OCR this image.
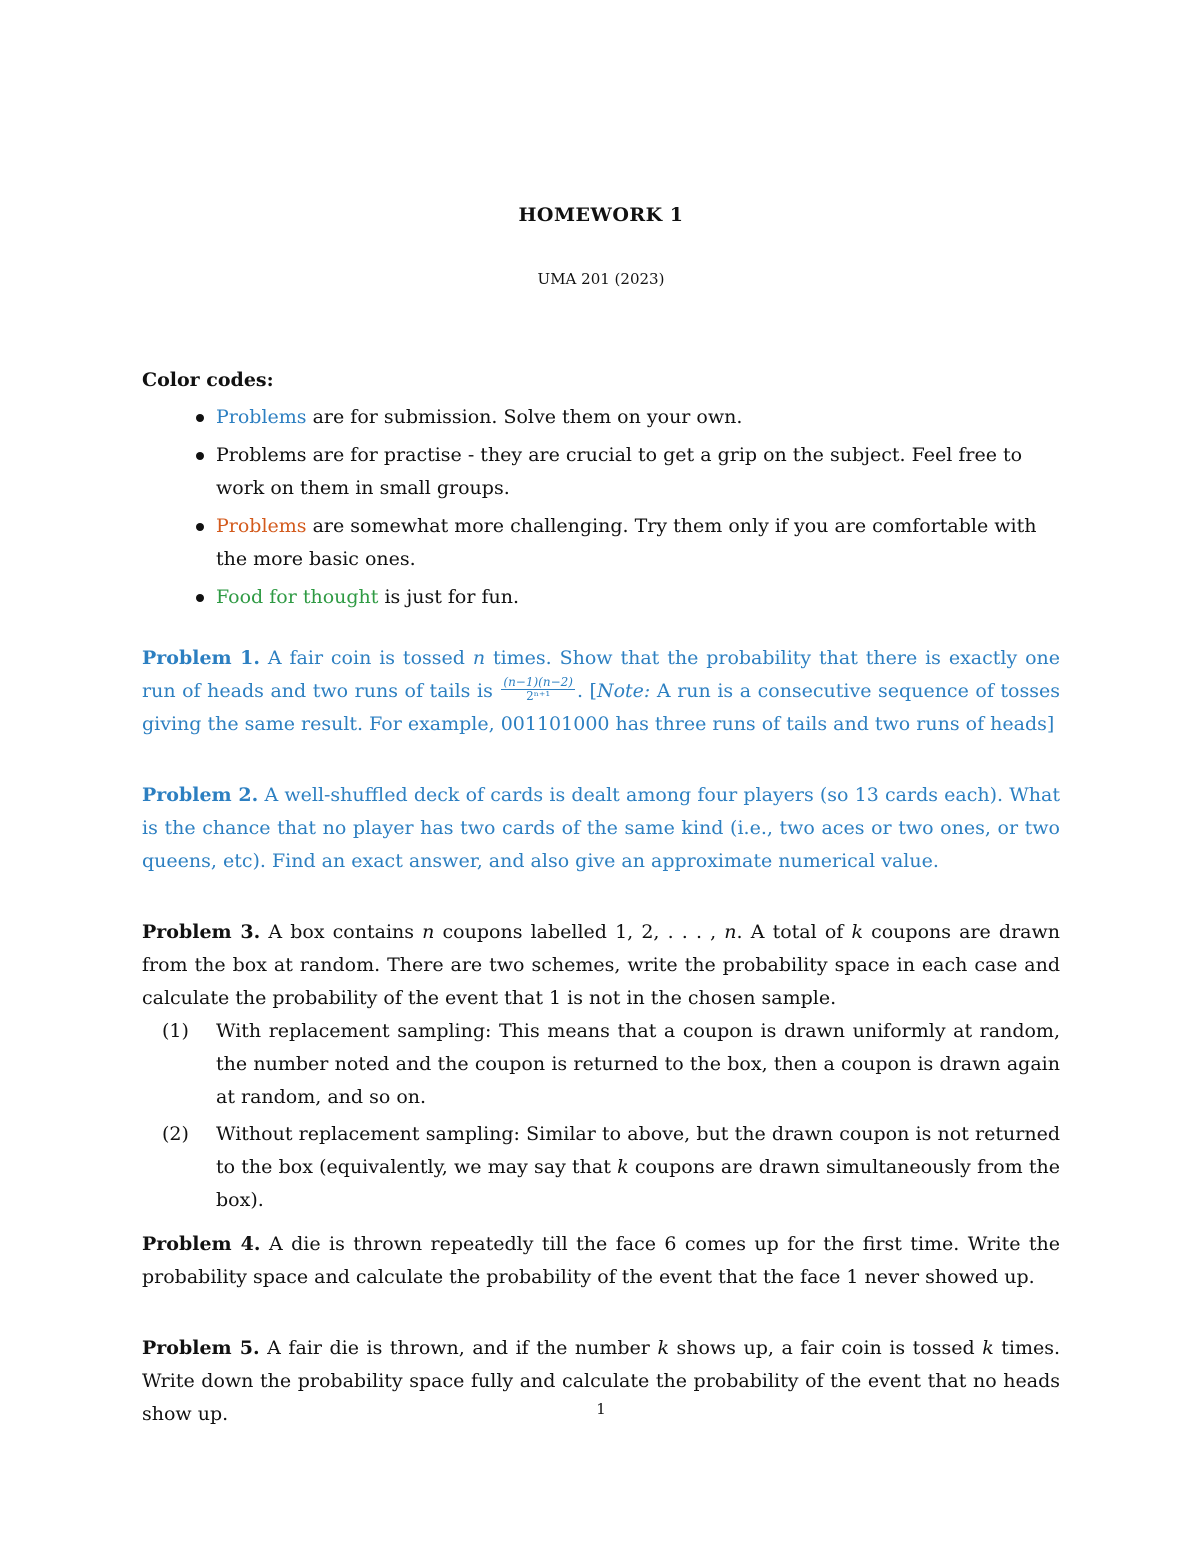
HOMEWORK 1
UMA 201 (2023)
Color codes:
Problems are for submission. Solve them on your own.
Problems are for practise - they are crucial to get a grip on the subject. Feel free to work on them in small groups.
Problems are somewhat more challenging. Try them only if you are comfortable with the more basic ones.
Food for thought is just for fun.
Problem 1. A fair coin is tossed n times. Show that the probability that there is exactly one run of heads and two runs of tails is $\frac{(n-1)(n-2)}{\text{2ⁿ⁺¹}}$ . [Note: A run is a consecutive sequence of tosses giving the same result. For example, 001101000 has three runs of tails and two runs of heads]
Problem 2. A well-shuffled deck of cards is dealt among four players (so 13 cards each). What is the chance that no player has two cards of the same kind (i.e., two aces or two ones, or two queens, etc). Find an exact answer, and also give an approximate numerical value.
Problem 3. A box contains n coupons labelled 1, 2, . . . , n. A total of k coupons are drawn from the box at random. There are two schemes, write the probability space in each case and calculate the probability of the event that 1 is not in the chosen sample.
(1) With replacement sampling: This means that a coupon is drawn uniformly at random, the number noted and the coupon is returned to the box, then a coupon is drawn again at random, and so on.
(2) Without replacement sampling: Similar to above, but the drawn coupon is not returned to the box (equivalently, we may say that k coupons are drawn simultaneously from the box).
Problem 4. A die is thrown repeatedly till the face 6 comes up for the first time. Write the probability space and calculate the probability of the event that the face 1 never showed up.
Problem 5. A fair die is thrown, and if the number k shows up, a fair coin is tossed k times. Write down the probability space fully and calculate the probability of the event that no heads show up.	1
